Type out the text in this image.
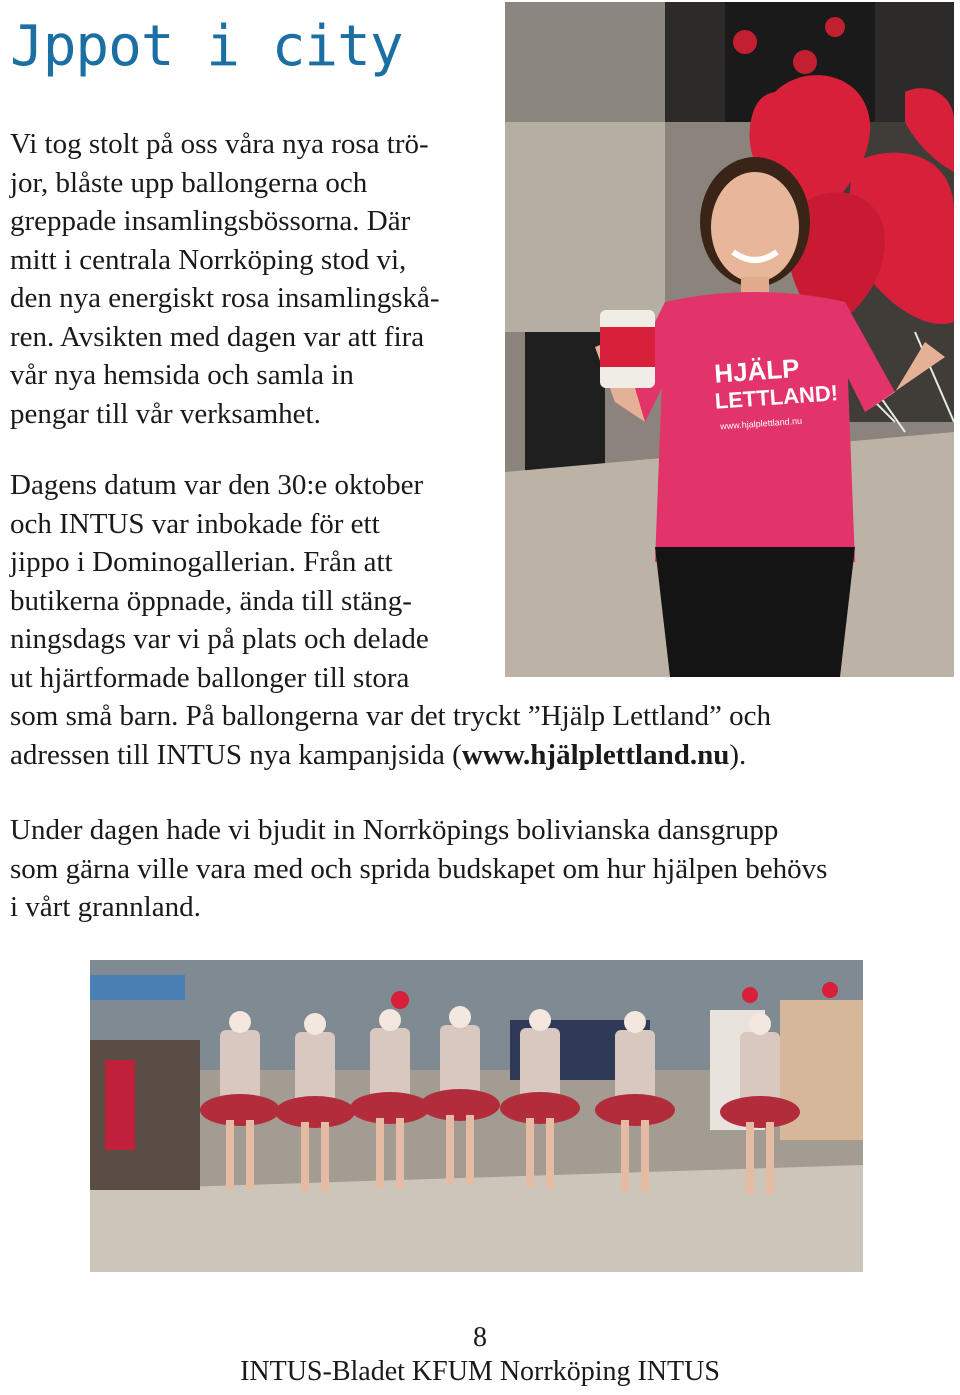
Jppot i city
Vi tog stolt på oss våra nya rosa trö-
jor, blåste upp ballongerna och
greppade insamlingsbössorna. Där
mitt i centrala Norrköping stod vi,
den nya energiskt rosa insamlingskå-
ren. Avsikten med dagen var att fira
vår nya hemsida och samla in
pengar till vår verksamhet.
Dagens datum var den 30:e oktober
och INTUS var inbokade för ett
jippo i Dominogallerian. Från att
butikerna öppnade, ända till stäng-
ningsdags var vi på plats och delade
ut hjärtformade ballonger till stora
som små barn. På ballongerna var det tryckt ”Hjälp Lettland” och
adressen till INTUS nya kampanjsida (www.hjälplettland.nu).
Under dagen hade vi bjudit in Norrköpings bolivianska dansgrupp
som gärna ville vara med och sprida budskapet om hur hjälpen behövs
i vårt grannland.
HJÄLP
LETTLAND!
www.hjalplettland.nu

8

INTUS-Bladet KFUM Norrköping INTUS
